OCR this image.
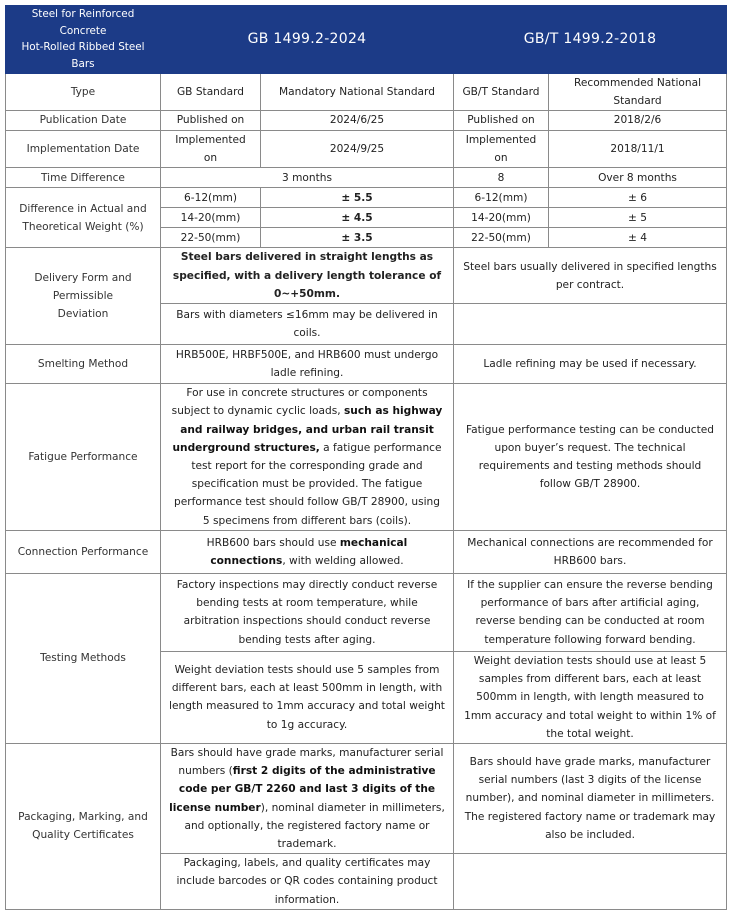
Steel for Reinforced Concrete
Hot-Rolled Ribbed Steel Bars	GB 1499.2-2024		GB/T 1499.2-2018	
Type	GB Standard	Mandatory National Standard	GB/T Standard	Recommended National Standard
Publication Date	Published on	2024/6/25	Published on	2018/2/6
Implementation Date	Implemented on	2024/9/25	Implemented on	2018/11/1
Time Difference	3 months		8	Over 8 months
Difference in Actual and
Theoretical Weight (%)	6-12(mm)	± 5.5	6-12(mm)	± 6
	14-20(mm)	± 4.5	14-20(mm)	± 5
	22-50(mm)	± 3.5	22-50(mm)	± 4
Delivery Form and Permissible
Deviation	Steel bars delivered in straight lengths as specified, with a delivery length tolerance of 0~+50mm.		Steel bars usually delivered in specified lengths per contract.	
	Bars with diameters ≤16mm may be delivered in coils.			
Smelting Method	HRB500E, HRBF500E, and HRB600 must undergo ladle refining.		Ladle refining may be used if necessary.	
Fatigue Performance	For use in concrete structures or components subject to dynamic cyclic loads, such as highway and railway bridges, and urban rail transit underground structures, a fatigue performance test report for the corresponding grade and specification must be provided. The fatigue performance test should follow GB/T 28900, using 5 specimens from different bars (coils).		Fatigue performance testing can be conducted upon buyer’s request. The technical requirements and testing methods should follow GB/T 28900.	
Connection Performance	HRB600 bars should use mechanical connections, with welding allowed.		Mechanical connections are recommended for HRB600 bars.	
Testing Methods	Factory inspections may directly conduct reverse bending tests at room temperature, while arbitration inspections should conduct reverse bending tests after aging.		If the supplier can ensure the reverse bending performance of bars after artificial aging, reverse bending can be conducted at room temperature following forward bending.	
	Weight deviation tests should use 5 samples from different bars, each at least 500mm in length, with length measured to 1mm accuracy and total weight to 1g accuracy.		Weight deviation tests should use at least 5 samples from different bars, each at least 500mm in length, with length measured to 1mm accuracy and total weight to within 1% of the total weight.	
Packaging, Marking, and
Quality Certificates	Bars should have grade marks, manufacturer serial numbers (first 2 digits of the administrative code per GB/T 2260 and last 3 digits of the license number), nominal diameter in millimeters, and optionally, the registered factory name or trademark.		Bars should have grade marks, manufacturer serial numbers (last 3 digits of the license number), and nominal diameter in millimeters. The registered factory name or trademark may also be included.	
	Packaging, labels, and quality certificates may include barcodes or QR codes containing product information.			
